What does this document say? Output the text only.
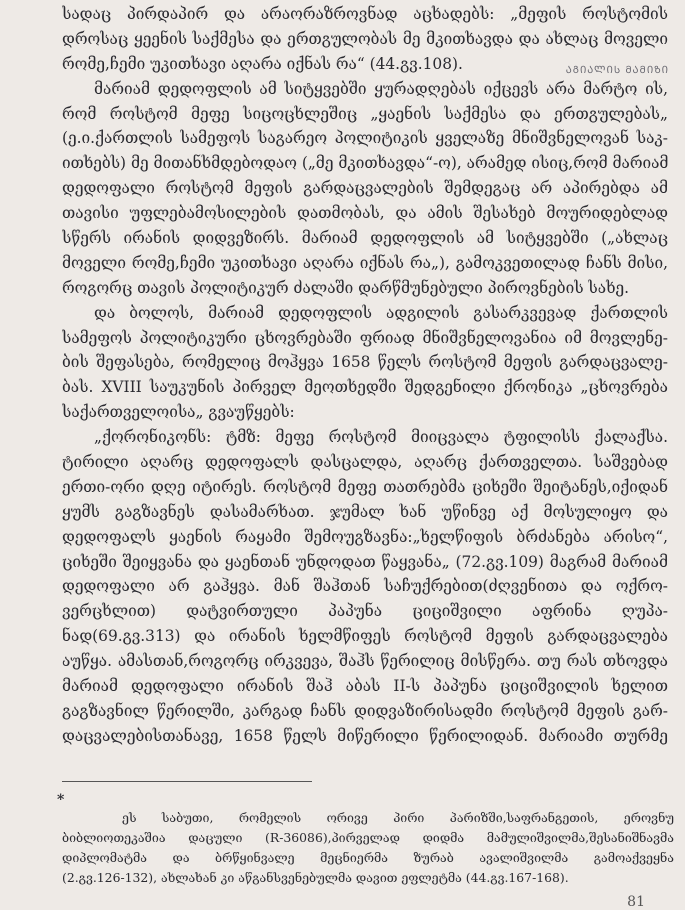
ᲐᲒᲘᲐᲚᲘᲡ ᲛᲐᲛᲘᲖᲘ
სადაც პირდაპირ და არაორაზროვნად აცხადებს: „მეფის როსტომის
დროსაც ყეენის საქმესა და ერთგულობას მე მკითხავდა და ახლაც მოველი
რომე,ჩემი უკითხავი აღარა იქნას რა“ (44.გვ.108).
მარიამ დედოფლის ამ სიტყვებში ყურადღებას იქცევს არა მარტო ის,
რომ როსტომ მეფე სიცოცხლეშიც „ყაენის საქმესა და ერთგულებას„
(ე.ი.ქართლის სამეფოს საგარეო პოლიტიკის ყველაზე მნიშვნელოვან საკ-
ითხებს) მე მითანხმდებოდაო („მე მკითხავდა“-ო), არამედ ისიც,რომ მარიამ
დედოფალი როსტომ მეფის გარდაცვალების შემდეგაც არ აპირებდა ამ
თავისი უფლებამოსილების დათმობას, და ამის შესახებ მოურიდებლად
სწერს ირანის დიდვეზირს. მარიამ დედოფლის ამ სიტყვებში („ახლაც
მოველი რომე,ჩემი უკითხავი აღარა იქნას რა„), გამოკვეთილად ჩანს მისი,
როგორც თავის პოლიტიკურ ძალაში დარწმუნებული პიროვნების სახე.
და ბოლოს, მარიამ დედოფლის ადგილის გასარკვევად ქართლის
სამეფოს პოლიტიკური ცხოვრებაში ფრიად მნიშვნელოვანია იმ მოვლენე-
ბის შეფასება, რომელიც მოჰყვა 1658 წელს როსტომ მეფის გარდაცვალე-
ბას. XVIII საუკუნის პირველ მეოთხედში შედგენილი ქრონიკა „ცხოვრება
საქართველოისა„ გვაუწყებს:
„ქორონიკონს: ტმზ: მეფე როსტომ მიიცვალა ტფილისს ქალაქსა.
ტირილი აღარც დედოფალს დასცალდა, აღარც ქართველთა. საშვებად
ერთი-ორი დღე იტირეს. როსტომ მეფე თათრებმა ციხეში შეიტანეს,იქიდან
ყუმს გაგზავნეს დასამარხათ. ჯუმალ ხან უწინვე აქ მოსულიყო და
დედოფალს ყაენის რაყამი შემოუგზავნა:„ხელწიფის ბრძანება არისო“,
ციხეში შეიყვანა და ყაენთან უნდოდათ წაყვანა„ (72.გვ.109) მაგრამ მარიამ
დედოფალი არ გაჰყვა. მან შაჰთან საჩუქრებით(ძღვენითა და ოქრო-
ვერცხლით) დატვირთული პაპუნა ციციშვილი აფრინა ღუპა-
ნად(69.გვ.313) და ირანის ხელმწიფეს როსტომ მეფის გარდაცვალება
აუწყა. ამასთან,როგორც ირკვევა, შაჰს წერილიც მისწერა. თუ რას თხოვდა
მარიამ დედოფალი ირანის შაჰ აბას II-ს პაპუნა ციციშვილის ხელით
გაგზავნილ წერილში, კარგად ჩანს დიდვაზირისადმი როსტომ მეფის გარ-
დაცვალებისთანავე, 1658 წელს მიწერილი წერილიდან. მარიამი თურმე
*
ეს საბუთი, რომელის ორივე პირი პარიზში,საფრანგეთის, ეროვნუ
ბიბლიოთეკაშია დაცული (R-36086),პირველად დიდმა მამულიშვილმა,შესანიშნავმა
დიპლომატმა და ბრწყინვალე მეცნიერმა ზურაბ ავალიშვილმა გამოაქვეყნა
(2.გვ.126-132), ახლახან კი აწგანსვენებულმა დავით ეფლეტმა (44.გვ.167-168).
81
